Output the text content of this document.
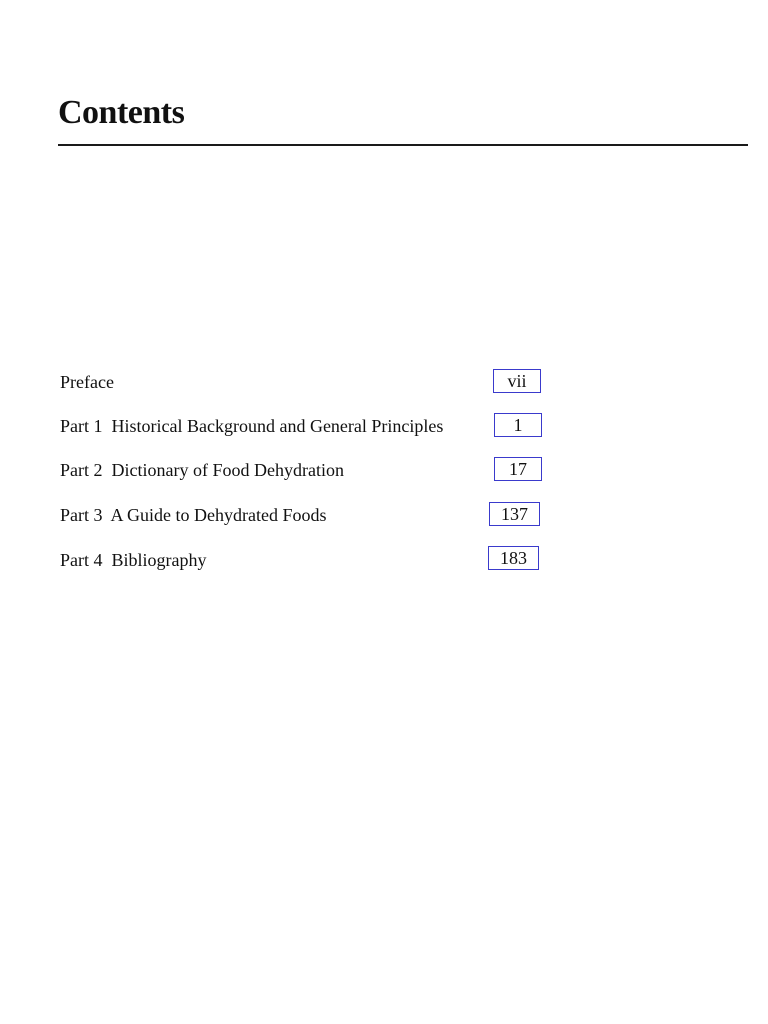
Contents
Preface	vii
Part 1  Historical Background and General Principles	1
Part 2  Dictionary of Food Dehydration	17
Part 3  A Guide to Dehydrated Foods	137
Part 4  Bibliography	183
